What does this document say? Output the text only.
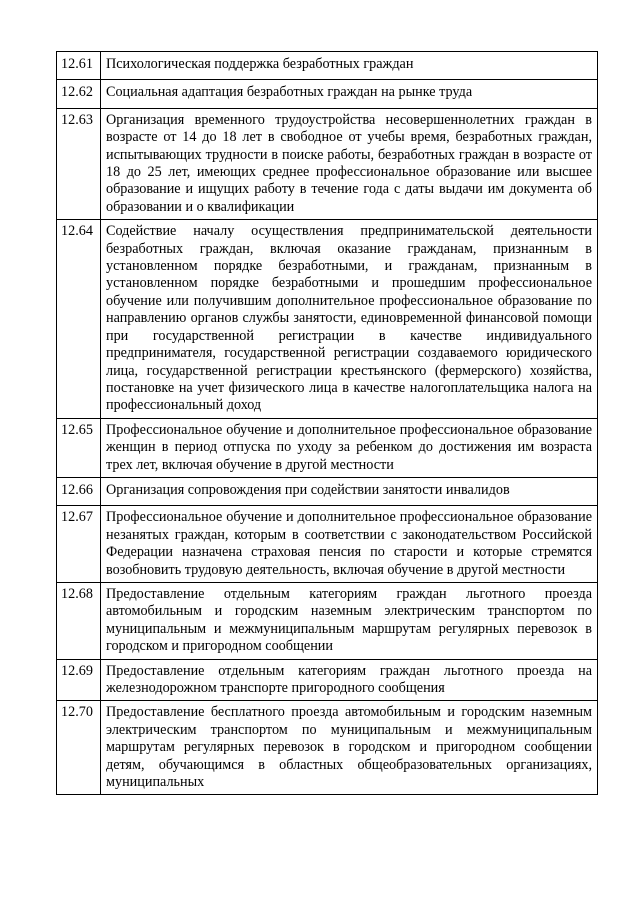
12.61	Психологическая поддержка безработных граждан
12.62	Социальная адаптация безработных граждан на рынке труда
12.63	Организация временного трудоустройства несовершеннолетних граждан в возрасте от 14 до 18 лет в свободное от учебы время, безработных граждан, испытывающих трудности в поиске работы, безработных граждан в возрасте от 18 до 25 лет, имеющих среднее профессиональное образование или высшее образование и ищущих работу в течение года с даты выдачи им документа об образовании и о квалификации
12.64	Содействие началу осуществления предпринимательской деятельности безработных граждан, включая оказание гражданам, признанным в установленном порядке безработными, и гражданам, признанным в установленном порядке безработными и прошедшим профессиональное обучение или получившим дополнительное профессиональное образование по направлению органов службы занятости, единовременной финансовой помощи при государственной регистрации в качестве индивидуального предпринимателя, государственной регистрации создаваемого юридического лица, государственной регистрации крестьянского (фермерского) хозяйства, постановке на учет физического лица в качестве налогоплательщика налога на профессиональный доход
12.65	Профессиональное обучение и дополнительное профессиональное образование женщин в период отпуска по уходу за ребенком до достижения им возраста трех лет, включая обучение в другой местности
12.66	Организация сопровождения при содействии занятости инвалидов
12.67	Профессиональное обучение и дополнительное профессиональное образование незанятых граждан, которым в соответствии с законодательством Российской Федерации назначена страховая пенсия по старости и которые стремятся возобновить трудовую деятельность, включая обучение в другой местности
12.68	Предоставление отдельным категориям граждан льготного проезда автомобильным и городским наземным электрическим транспортом по муниципальным и межмуниципальным маршрутам регулярных перевозок в городском и пригородном сообщении
12.69	Предоставление отдельным категориям граждан льготного проезда на железнодорожном транспорте пригородного сообщения
12.70	Предоставление бесплатного проезда автомобильным и городским наземным электрическим транспортом по муниципальным и межмуниципальным маршрутам регулярных перевозок в городском и пригородном сообщении детям, обучающимся в областных общеобразовательных организациях, муниципальных
